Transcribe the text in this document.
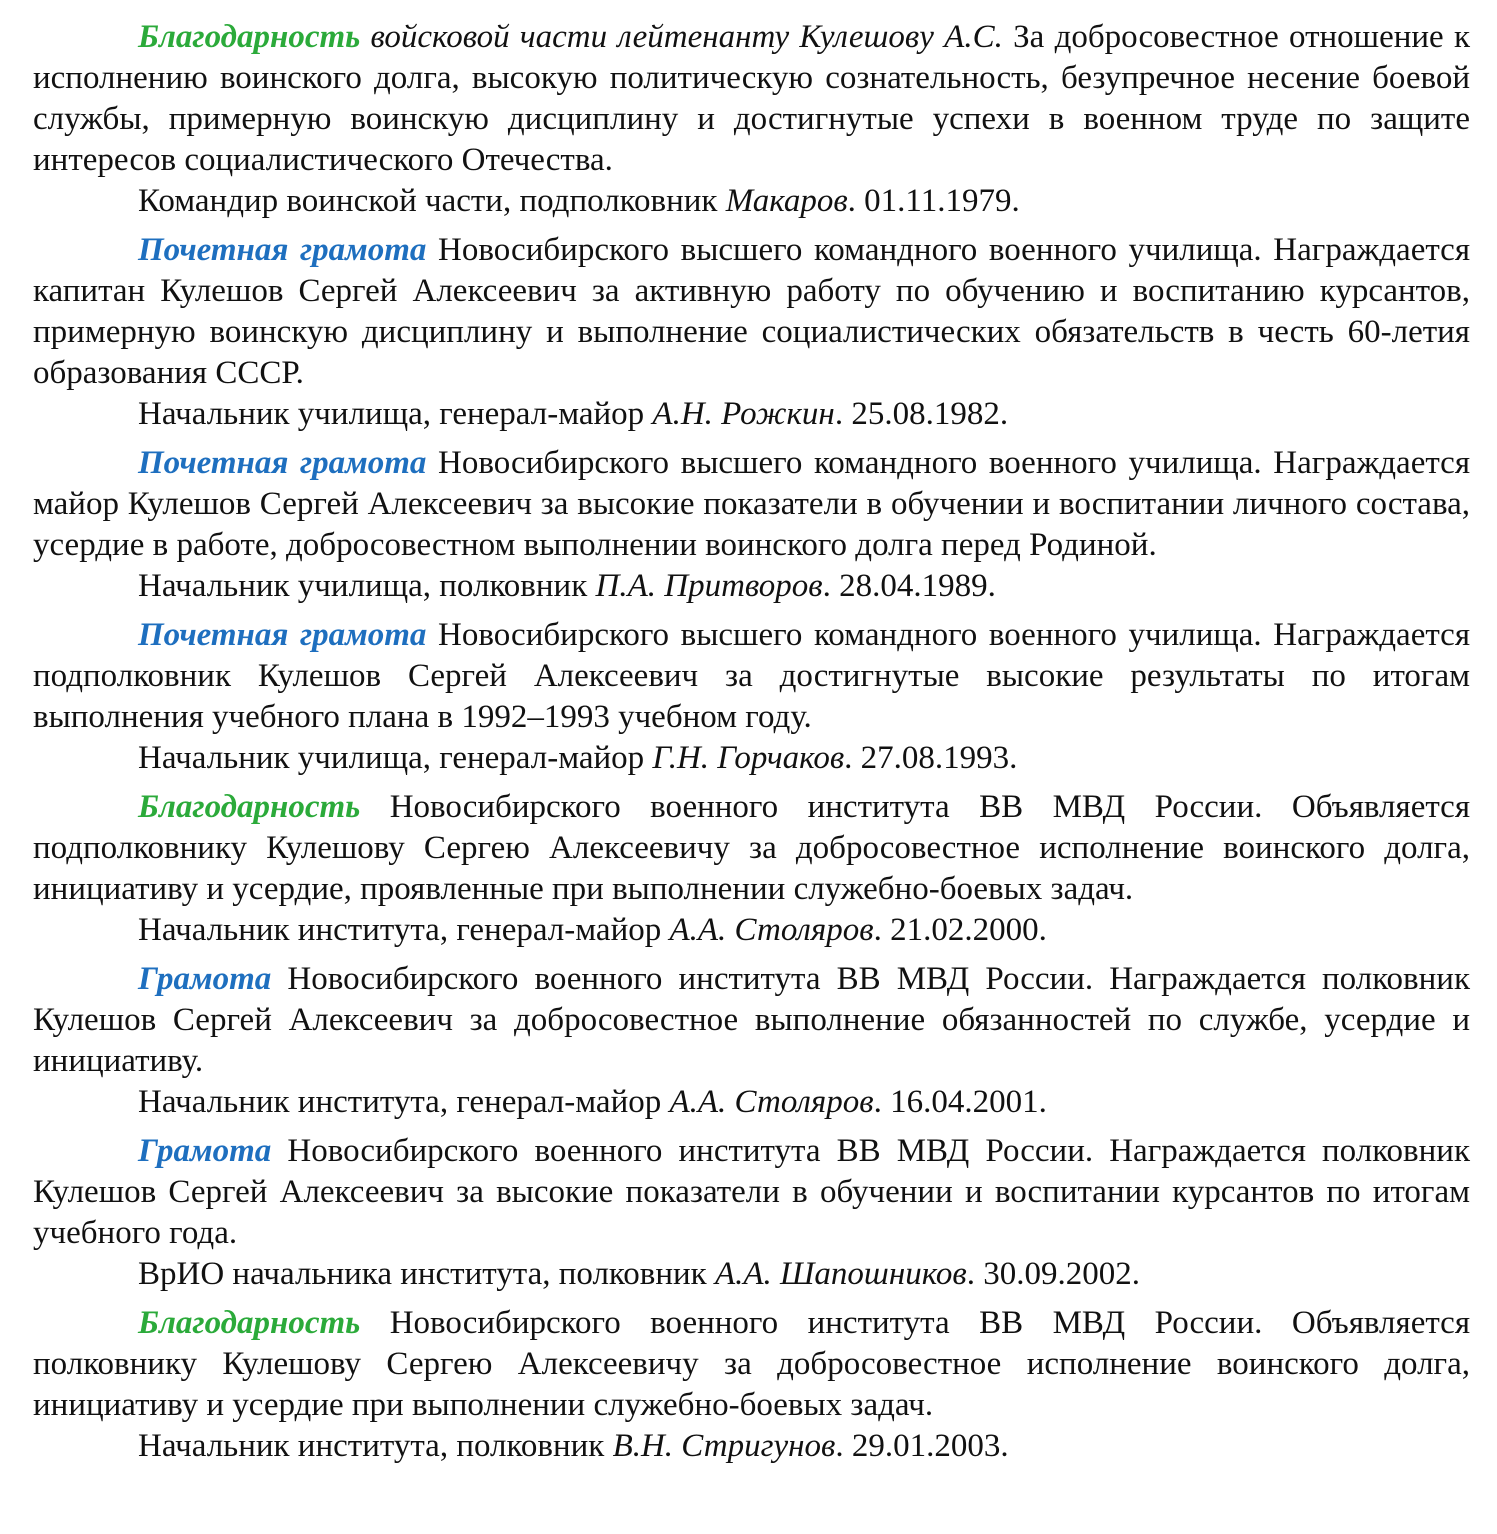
Благодарность войсковой части лейтенанту Кулешову А.С. За добросовестное отношение к исполнению воинского долга, высокую политическую сознательность, безупречное несение боевой службы, примерную воинскую дисциплину и достигнутые успехи в военном труде по защите интересов социалистического Отечества.

Командир воинской части, подполковник Макаров. 01.11.1979.

Почетная грамота Новосибирского высшего командного военного училища. Награждается капитан Кулешов Сергей Алексеевич за активную работу по обучению и воспитанию курсантов, примерную воинскую дисциплину и выполнение социалистических обязательств в честь 60-летия образования СССР.

Начальник училища, генерал-майор А.Н. Рожкин. 25.08.1982.

Почетная грамота Новосибирского высшего командного военного училища. Награждается майор Кулешов Сергей Алексеевич за высокие показатели в обучении и воспитании личного состава, усердие в работе, добросовестном выполнении воинского долга перед Родиной.

Начальник училища, полковник П.А. Притворов. 28.04.1989.

Почетная грамота Новосибирского высшего командного военного училища. Награждается подполковник Кулешов Сергей Алексеевич за достигнутые высокие результаты по итогам выполнения учебного плана в 1992–1993 учебном году.

Начальник училища, генерал-майор Г.Н. Горчаков. 27.08.1993.

Благодарность Новосибирского военного института ВВ МВД России. Объявляется подполковнику Кулешову Сергею Алексеевичу за добросовестное исполнение воинского долга, инициативу и усердие, проявленные при выполнении служебно-боевых задач.

Начальник института, генерал-майор А.А. Столяров. 21.02.2000.

Грамота Новосибирского военного института ВВ МВД России. Награждается полковник Кулешов Сергей Алексеевич за добросовестное выполнение обязанностей по службе, усердие и инициативу.

Начальник института, генерал-майор А.А. Столяров. 16.04.2001.

Грамота Новосибирского военного института ВВ МВД России. Награждается полковник Кулешов Сергей Алексеевич за высокие показатели в обучении и воспитании курсантов по итогам учебного года.

ВрИО начальника института, полковник А.А. Шапошников. 30.09.2002.

Благодарность Новосибирского военного института ВВ МВД России. Объявляется полковнику Кулешову Сергею Алексеевичу за добросовестное исполнение воинского долга, инициативу и усердие при выполнении служебно-боевых задач.

Начальник института, полковник В.Н. Стригунов. 29.01.2003.
